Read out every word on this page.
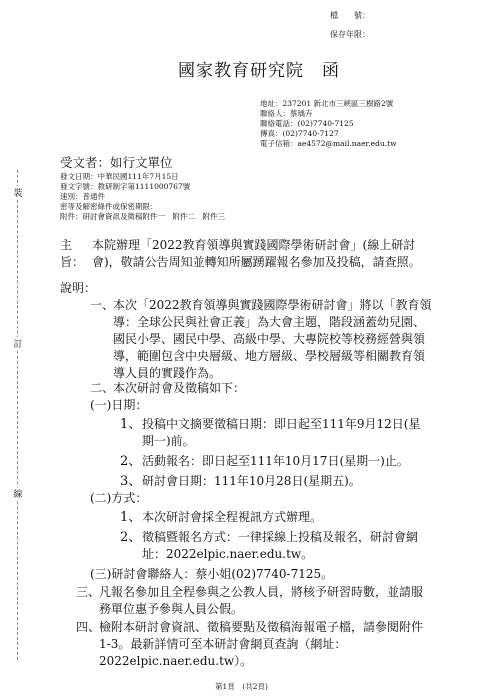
檔　　號：
保存年限：
國家教育研究院　函
地址：237201 新北市三峽區三樹路2號
聯絡人：蔡瑀卉
聯絡電話：(02)7740-7125
傳真：(02)7740-7127
電子信箱：ae4572@mail.naer.edu.tw
受文者：如行文單位
發文日期：中華民國111年7月15日
發文字號：教研制字第1111000767號
速別：普通件
密等及解密條件或保密期限：
附件：研討會資訊及徵稿附件一　附件二　附件三
裝
訂
線
主旨：
本院辦理「2022教育領導與實踐國際學術研討會」(線上研討會)，敬請公告周知並轉知所屬踴躍報名參加及投稿，請查照。
說明：
一、
本次「2022教育領導與實踐國際學術研討會」將以「教育領導：全球公民與社會正義」為大會主題，階段涵蓋幼兒園、國民小學、國民中學、高級中學、大專院校等校務經營與領導，範圍包含中央層級、地方層級、學校層級等相關教育領導人員的實踐作為。
二、
本次研討會及徵稿如下：
(一)日期：
1、 投稿中文摘要徵稿日期：即日起至111年9月12日(星期一)前。
2、 活動報名：即日起至111年10月17日(星期一)止。
3、 研討會日期：111年10月28日(星期五)。
(二)方式：
1、 本次研討會採全程視訊方式辦理。
2、 徵稿暨報名方式：一律採線上投稿及報名，研討會網址：2022elpic.naer.edu.tw。
(三)研討會聯絡人：蔡小姐(02)7740-7125。
三、
凡報名參加且全程參與之公教人員，將核予研習時數，並請服務單位惠予參與人員公假。
四、
檢附本研討會資訊、徵稿要點及徵稿海報電子檔，請參閱附件1-3。最新詳情可至本研討會網頁查詢（網址：2022elpic.naer.edu.tw）。
第1頁　(共2頁)
